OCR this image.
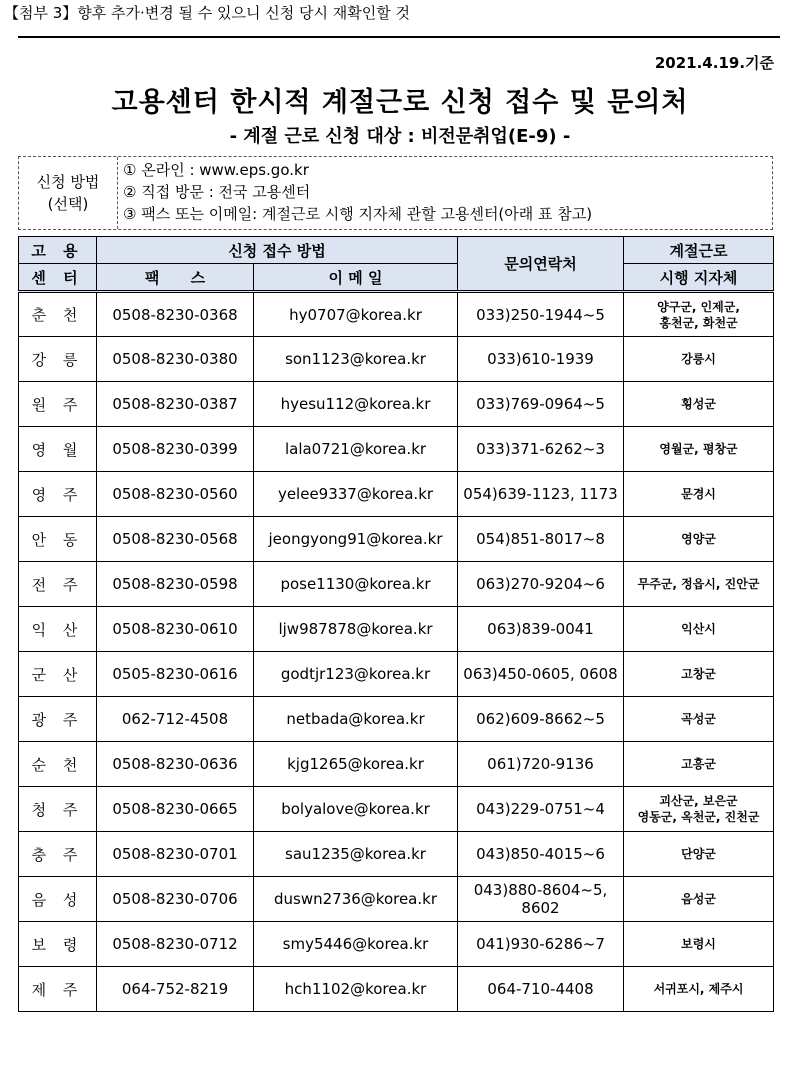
【첨부 3】향후 추가·변경 될 수 있으니 신청 당시 재확인할 것
2021.4.19.기준
고용센터 한시적 계절근로 신청 접수 및 문의처
- 계절 근로 신청 대상 : 비전문취업(E-9) -
신청 방법
(선택)
① 온라인 : www.eps.go.kr
② 직접 방문 : 전국 고용센터
③ 팩스 또는 이메일: 계절근로 시행 지자체 관할 고용센터(아래 표 참고)
고 용	신청 접수 방법		문의연락처	계절근로
센 터	팩      스	이 메 일		시행 지자체
춘 천	0508-8230-0368	hy0707@korea.kr	033)250-1944~5	양구군, 인제군,
홍천군, 화천군

강 릉	0508-8230-0380	son1123@korea.kr	033)610-1939	강릉시

원 주	0508-8230-0387	hyesu112@korea.kr	033)769-0964~5	횡성군

영 월	0508-8230-0399	lala0721@korea.kr	033)371-6262~3	영월군, 평창군

영 주	0508-8230-0560	yelee9337@korea.kr	054)639-1123, 1173	문경시

안 동	0508-8230-0568	jeongyong91@korea.kr	054)851-8017~8	영양군

전 주	0508-8230-0598	pose1130@korea.kr	063)270-9204~6	무주군, 정읍시, 진안군

익 산	0508-8230-0610	ljw987878@korea.kr	063)839-0041	익산시

군 산	0505-8230-0616	godtjr123@korea.kr	063)450-0605, 0608	고창군

광 주	062-712-4508	netbada@korea.kr	062)609-8662~5	곡성군

순 천	0508-8230-0636	kjg1265@korea.kr	061)720-9136	고흥군

청 주	0508-8230-0665	bolyalove@korea.kr	043)229-0751~4	괴산군, 보은군
영동군, 옥천군, 진천군

충 주	0508-8230-0701	sau1235@korea.kr	043)850-4015~6	단양군

음 성	0508-8230-0706	duswn2736@korea.kr	043)880-8604~5,
8602	음성군

보 령	0508-8230-0712	smy5446@korea.kr	041)930-6286~7	보령시

제 주	064-752-8219	hch1102@korea.kr	064-710-4408	서귀포시, 제주시
